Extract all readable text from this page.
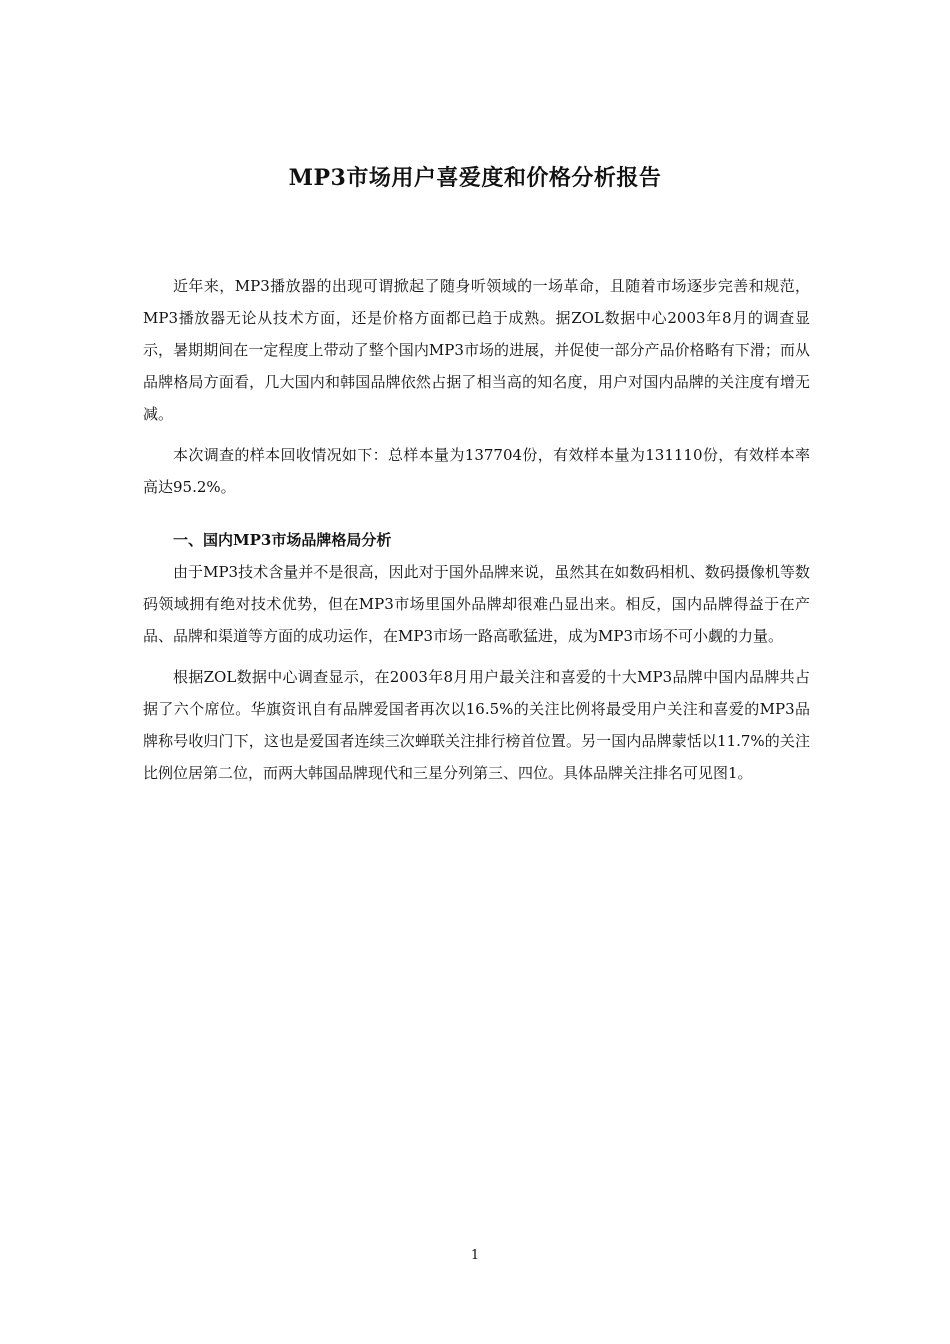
MP3市场用户喜爱度和价格分析报告

近年来，MP3播放器的出现可谓掀起了随身听领域的一场革命，且随着市场逐步完善和规范，MP3播放器无论从技术方面，还是价格方面都已趋于成熟。据ZOL数据中心2003年8月的调查显示，暑期期间在一定程度上带动了整个国内MP3市场的进展，并促使一部分产品价格略有下滑；而从品牌格局方面看，几大国内和韩国品牌依然占据了相当高的知名度，用户对国内品牌的关注度有增无减。

本次调查的样本回收情况如下：总样本量为137704份，有效样本量为131110份，有效样本率高达95.2%。

一、国内MP3市场品牌格局分析

由于MP3技术含量并不是很高，因此对于国外品牌来说，虽然其在如数码相机、数码摄像机等数码领域拥有绝对技术优势，但在MP3市场里国外品牌却很难凸显出来。相反，国内品牌得益于在产品、品牌和渠道等方面的成功运作，在MP3市场一路高歌猛进，成为MP3市场不可小觑的力量。

根据ZOL数据中心调查显示，在2003年8月用户最关注和喜爱的十大MP3品牌中国内品牌共占据了六个席位。华旗资讯自有品牌爱国者再次以16.5%的关注比例将最受用户关注和喜爱的MP3品牌称号收归门下，这也是爱国者连续三次蝉联关注排行榜首位置。另一国内品牌蒙恬以11.7%的关注比例位居第二位，而两大韩国品牌现代和三星分列第三、四位。具体品牌关注排名可见图1。

1
